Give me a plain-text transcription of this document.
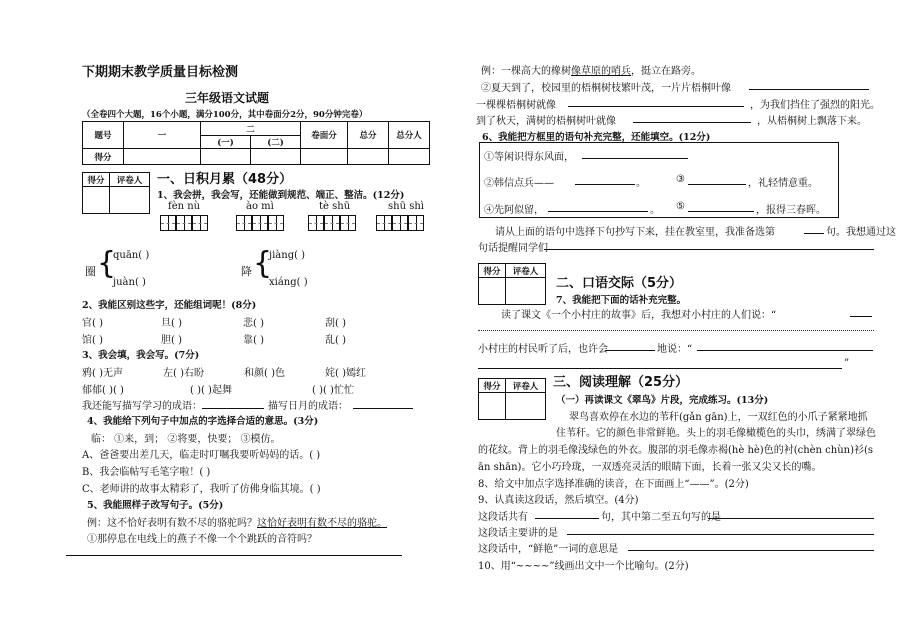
下期期末教学质量目标检测
三年级语文试题
（全卷四个大题，16个小题，满分100分，其中卷面分2分，90分钟完卷）
题号	一	二		卷面分	总分	总分人
		(一)	(二)			
得分						
得分	评卷人
	一、日积月累（48分）
1、我会拼，我会写，还能做到规范、端正、整洁。(12分)
fèn nù	ào mì	tè shū	shū shì
圈 {
quān( )
juàn( )
降 {
jiàng( )
xiáng( )
2、我能区别这些字，还能组词呢！(8分)
官( )	旦( )	悲( )	刮( )
馆( )	胆( )	靠( )	乱( )
3、我会填，我会写。(7分)
鸦( )无声	左( )右盼	和颜( )色	姹( )嫣红
郁郁( )( )	( )( )起舞	( )( )忙忙
我还能写描写学习的成语：	描写日月的成语：
4、我能给下列句子中加点的字选择合适的意思。(3分)
临： ①来，到； ②将要，快要； ③模仿。
A、爸爸要出差几天，临走时叮嘱我要听妈妈的话。( )
B、我会临帖写毛笔字啦！( )
C、老师讲的故事太精彩了，我听了仿佛身临其境。( )
5、我能照样子改写句子。(5分)
例：这不恰好表明有数不尽的骆驼吗？这恰好表明有数不尽的骆驼。
①那停息在电线上的燕子不像一个个跳跃的音符吗？
例：一棵高大的橡树像草原的哨兵，挺立在路旁。
②夏天到了，校园里的梧桐树枝繁叶茂，一片片梧桐叶像
一棵棵梧桐树就像	，为我们挡住了强烈的阳光。
到了秋天，满树的梧桐树叶就像	，从梧桐树上飘落下来。
6、我能把方框里的语句补充完整，还能填空。(12分)
①等闲识得东风面，
②韩信点兵——	。	③	，礼轻情意重。
④先阿似留，	。 ⑤	，报得三春晖。
请从上面的语句中选择下句抄写下来，挂在教室里，我准备选第	句。我想通过这
句话提醒同学们
得分	评卷人

二、口语交际（5分）
7、我能把下面的话补充完整。
读了课文《一个小村庄的故事》后，我想对小村庄的人们说：“
小村庄的村民听了后，也许会	地说：“
”
得分	评卷人
	三、阅读理解（25分）
（一）再读课文《翠鸟》片段，完成练习。(13分)
翠鸟喜欢停在水边的苇秆(gǎn gān)上，一双红色的小爪子紧紧地抓
住苇秆。它的颜色非常鲜艳。头上的羽毛像橄榄色的头巾，绣满了翠绿色
的花纹。背上的羽毛像浅绿色的外衣。腹部的羽毛像赤褐(hè hè)色的衬(chèn chùn)衫(s
ān shān)。它小巧玲珑，一双透亮灵活的眼睛下面，长着一张又尖又长的嘴。
8、给文中加点字选择准确的读音，在下面画上“——”。(2分)
9、认真读这段话，然后填空。(4分)
这段话共有	句，其中第二至五句写的是
这段话主要讲的是
这段话中，“鲜艳”一词的意思是
10、用“~~~~”线画出文中一个比喻句。(2分)
